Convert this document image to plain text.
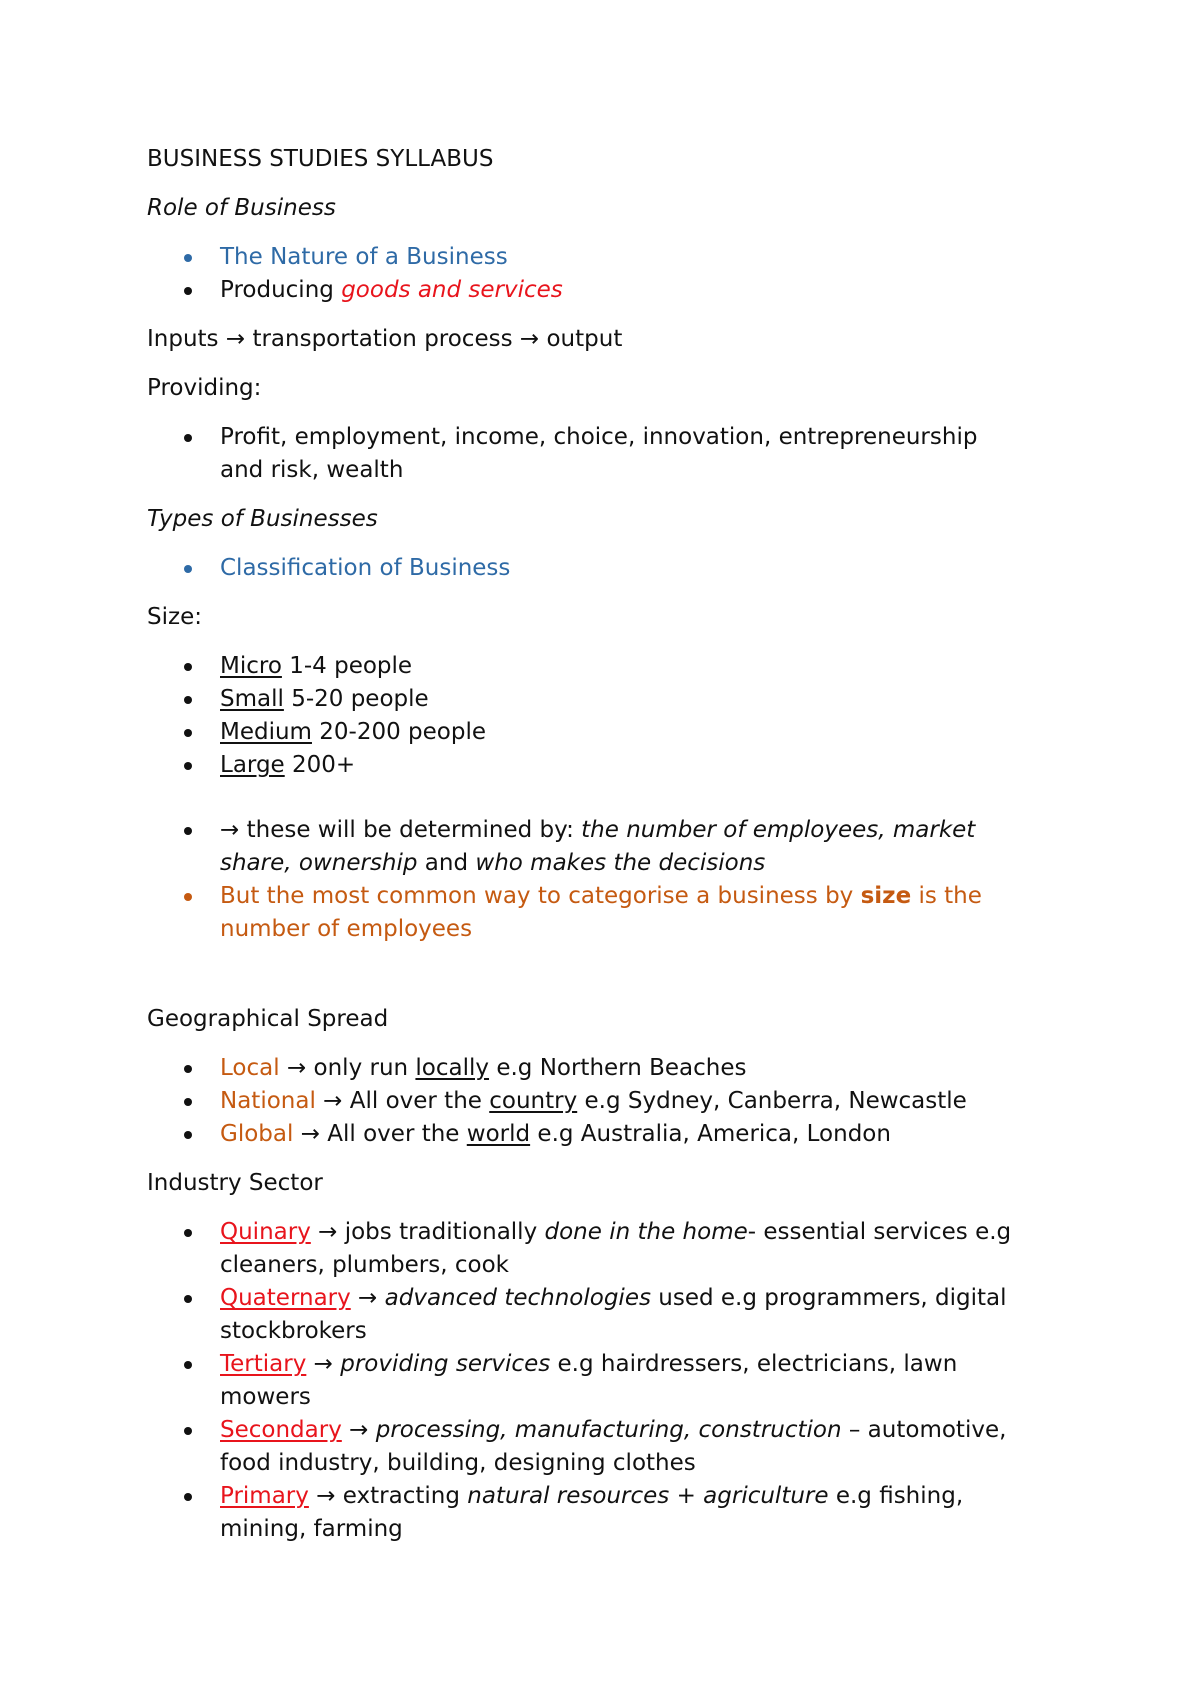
BUSINESS STUDIES SYLLABUS

Role of Business

The Nature of a Business
Producing goods and services

Inputs → transportation process → output

Providing:

Profit, employment, income, choice, innovation, entrepreneurship
and risk, wealth

Types of Businesses

Classification of Business

Size:

Micro 1-4 people
Small 5-20 people
Medium 20-200 people
Large 200+
→ these will be determined by: the number of employees, market
share, ownership and who makes the decisions
But the most common way to categorise a business by size is the
number of employees

Geographical Spread

Local → only run locally e.g Northern Beaches
National → All over the country e.g Sydney, Canberra, Newcastle
Global → All over the world e.g Australia, America, London

Industry Sector

Quinary → jobs traditionally done in the home- essential services e.g
cleaners, plumbers, cook
Quaternary → advanced technologies used e.g programmers, digital
stockbrokers
Tertiary → providing services e.g hairdressers, electricians, lawn
mowers
Secondary → processing, manufacturing, construction – automotive,
food industry, building, designing clothes
Primary → extracting natural resources + agriculture e.g fishing,
mining, farming
